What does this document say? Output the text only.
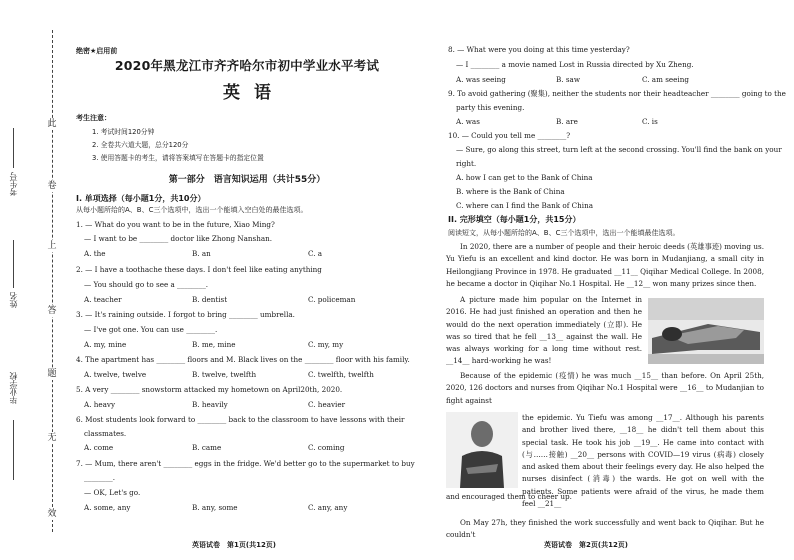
此
卷
上
答
题
无
效
考生号
姓名
毕业学校
绝密★启用前
2020年黑龙江市齐齐哈尔市初中学业水平考试
英语
考生注意：
1. 考试时间120分钟
2. 全卷共六道大题，总分120分
3. 使用答题卡的考生，请将答案填写在答题卡的指定位置
第一部分　语言知识运用（共计55分）
I. 单项选择（每小题1分，共10分）
从每小题所给的A、B、C三个选项中，选出一个能填入空白处的最佳选项。
1. — What do you want to be in the future, Xiao Ming?
— I want to be ________ doctor like Zhong Nanshan.
A. the	B. an	C. a
2. — I have a toothache these days. I don't feel like eating anything
— You should go to see a ________.
A. teacher	B. dentist	C. policeman
3. — It's raining outside. I forgot to bring ________ umbrella.
— I've got one. You can use ________.
A. my, mine	B. me, mine	C. my, my
4. The apartment has ________ floors and M. Black lives on the ________ floor with his family.
A. twelve, twelve	B. twelve, twelfth	C. twelfth, twelfth
5. A very ________ snowstorm attacked my hometown on April20th, 2020.
A. heavy	B. heavily	C. heavier
6. Most students look forward to ________ back to the classroom to have lessons with their
classmates.
A. come	B. came	C. coming
7. — Mum, there aren't ________ eggs in the fridge. We'd better go to the supermarket to buy
________.
— OK, Let's go.
A. some, any	B. any, some	C. any, any
英语试卷　第1页(共12页)
8. — What were you doing at this time yesterday?
— I ________ a movie named Lost in Russia directed by Xu Zheng.
A. was seeing	B. saw	C. am seeing
9. To avoid gathering (聚集), neither the students nor their headteacher ________ going to the
party this evening.
A. was	B. are	C. is
10. — Could you tell me ________?
— Sure, go along this street, turn left at the second crossing. You'll find the bank on your
right.
A. how I can get to the Bank of China
B. where is the Bank of China
C. where can I find the Bank of China
II. 完形填空（每小题1分，共15分）
阅读短文，从每小题所给的A、B、C三个选项中，选出一个能填最佳选项。

In 2020, there are a number of people and their heroic deeds (英雄事迹) moving us. Yu Yiefu is an excellent and kind doctor. He was born in Mudanjiang, a small city in Heilongjiang Province in 1978. He graduated __11__ Qiqihar Medical College. In 2008, he became a doctor in Qiqihar No.1 Hospital. He __12__ won many prizes since then.

A picture made him popular on the Internet in 2016. He had just finished an operation and then he would do the next operation immediately (立即). He was so tired that he fell __13__ against the wall. He was always working for a long time without rest. __14__ hard-working he was!

Because of the epidemic (疫情) he was much __15__ than before. On April 25th, 2020, 126 doctors and nurses from Qiqihar No.1 Hospital were __16__ to Mudanjian to fight against

the epidemic. Yu Tiefu was among __17__. Although his parents and brother lived there, __18__ he didn't tell them about this special task. He took his job __19__. He came into contact with (与……接触) __20__ persons with COVID—19 virus (病毒) closely and asked them about their feelings every day. He also helped the nurses disinfect (消毒) the wards. He got on well with the patients. Some patients were afraid of the virus, he made them feel __21__

and encouraged them to cheer up.

On May 27h, they finished the work successfully and went back to Qiqihar. But he couldn't

英语试卷　第2页(共12页)
